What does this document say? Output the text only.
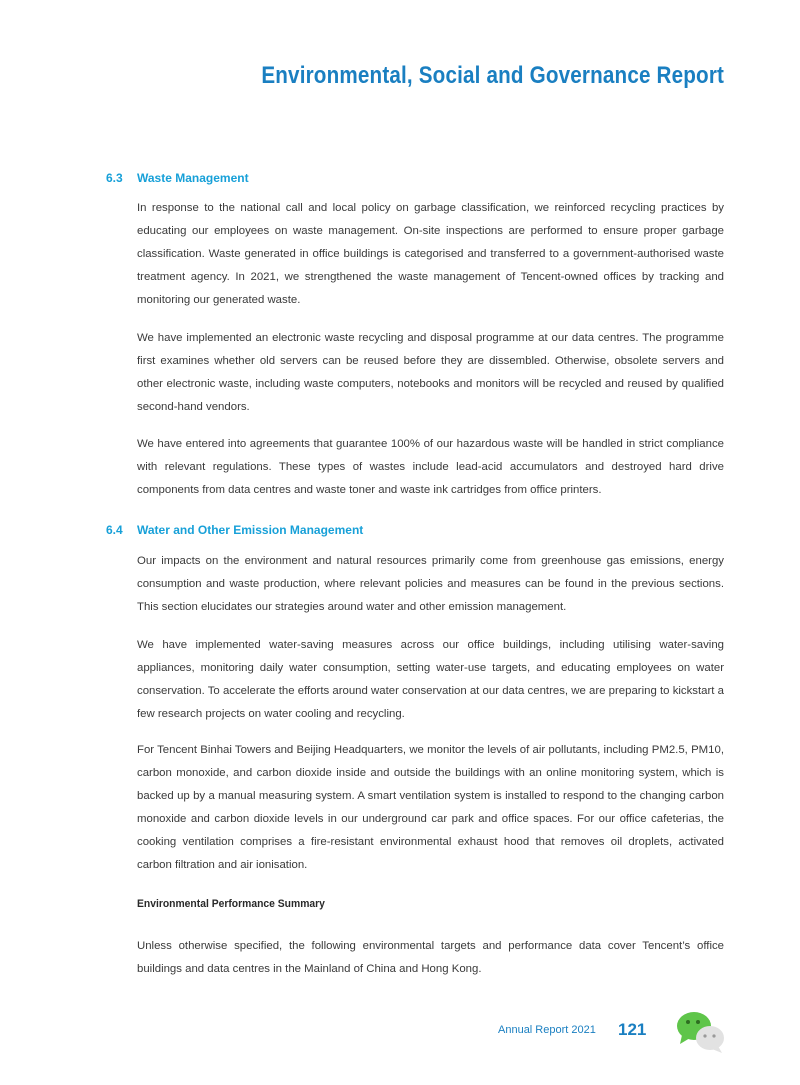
Environmental, Social and Governance Report
6.3 Waste Management

In response to the national call and local policy on garbage classification, we reinforced recycling practices by educating our employees on waste management. On-site inspections are performed to ensure proper garbage classification. Waste generated in office buildings is categorised and transferred to a government-authorised waste treatment agency. In 2021, we strengthened the waste management of Tencent-owned offices by tracking and monitoring our generated waste.

We have implemented an electronic waste recycling and disposal programme at our data centres. The programme first examines whether old servers can be reused before they are dissembled. Otherwise, obsolete servers and other electronic waste, including waste computers, notebooks and monitors will be recycled and reused by qualified second-hand vendors.

We have entered into agreements that guarantee 100% of our hazardous waste will be handled in strict compliance with relevant regulations. These types of wastes include lead-acid accumulators and destroyed hard drive components from data centres and waste toner and waste ink cartridges from office printers.

6.4 Water and Other Emission Management

Our impacts on the environment and natural resources primarily come from greenhouse gas emissions, energy consumption and waste production, where relevant policies and measures can be found in the previous sections. This section elucidates our strategies around water and other emission management.

We have implemented water-saving measures across our office buildings, including utilising water-saving appliances, monitoring daily water consumption, setting water-use targets, and educating employees on water conservation. To accelerate the efforts around water conservation at our data centres, we are preparing to kickstart a few research projects on water cooling and recycling.

For Tencent Binhai Towers and Beijing Headquarters, we monitor the levels of air pollutants, including PM2.5, PM10, carbon monoxide, and carbon dioxide inside and outside the buildings with an online monitoring system, which is backed up by a manual measuring system. A smart ventilation system is installed to respond to the changing carbon monoxide and carbon dioxide levels in our underground car park and office spaces. For our office cafeterias, the cooking ventilation comprises a fire-resistant environmental exhaust hood that removes oil droplets, activated carbon filtration and air ionisation.

Environmental Performance Summary

Unless otherwise specified, the following environmental targets and performance data cover Tencent’s office buildings and data centres in the Mainland of China and Hong Kong.

Annual Report 2021 121
